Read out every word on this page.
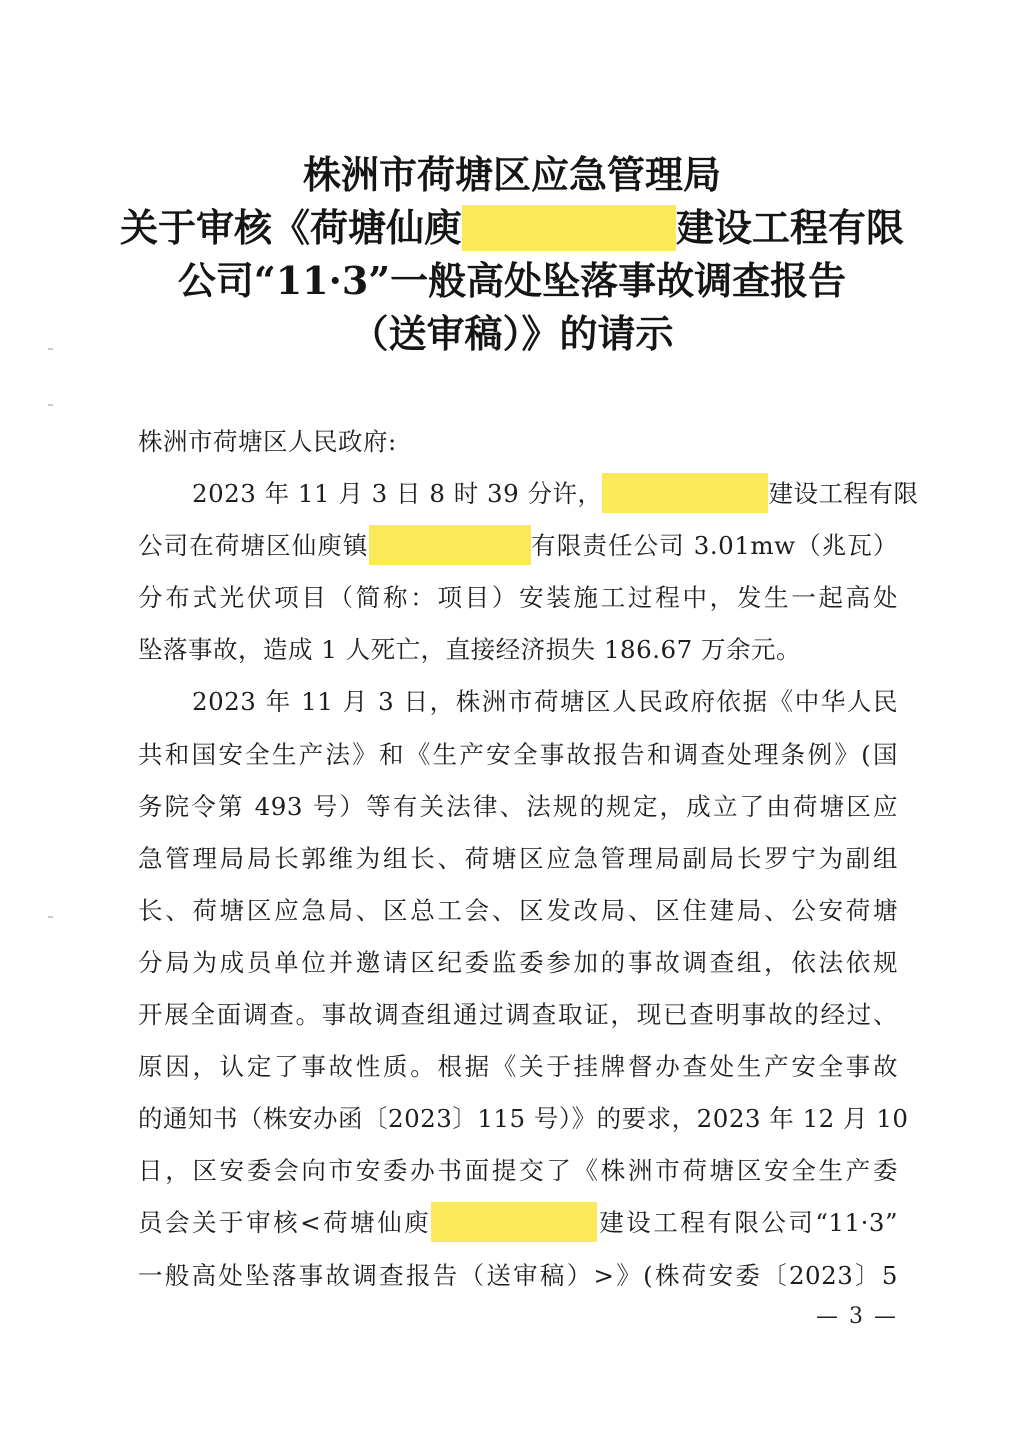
株洲市荷塘区应急管理局
关于审核《荷塘仙庾	建设工程有限
公司“11·3”一般高处坠落事故调查报告
（送审稿）》的请示
株洲市荷塘区人民政府:
2023 年 11 月 3 日 8 时 39 分许，	建设工程有限
公司在荷塘区仙庾镇	有限责任公司 3.01mw（兆瓦）
分布式光伏项目（简称：项目）安装施工过程中，发生一起高处
坠落事故，造成 1 人死亡，直接经济损失 186.67 万余元。
2023 年 11 月 3 日，株洲市荷塘区人民政府依据《中华人民
共和国安全生产法》和《生产安全事故报告和调查处理条例》(国
务院令第 493 号）等有关法律、法规的规定，成立了由荷塘区应
急管理局局长郭维为组长、荷塘区应急管理局副局长罗宁为副组
长、荷塘区应急局、区总工会、区发改局、区住建局、公安荷塘
分局为成员单位并邀请区纪委监委参加的事故调查组，依法依规
开展全面调查。事故调查组通过调查取证，现已查明事故的经过、
原因，认定了事故性质。根据《关于挂牌督办查处生产安全事故
的通知书（株安办函〔2023〕115 号）》的要求，2023 年 12 月 10
日，区安委会向市安委办书面提交了《株洲市荷塘区安全生产委
员会关于审核<荷塘仙庾	建设工程有限公司“11·3”
一般高处坠落事故调查报告（送审稿）>》(株荷安委〔2023〕5
— 3 —
